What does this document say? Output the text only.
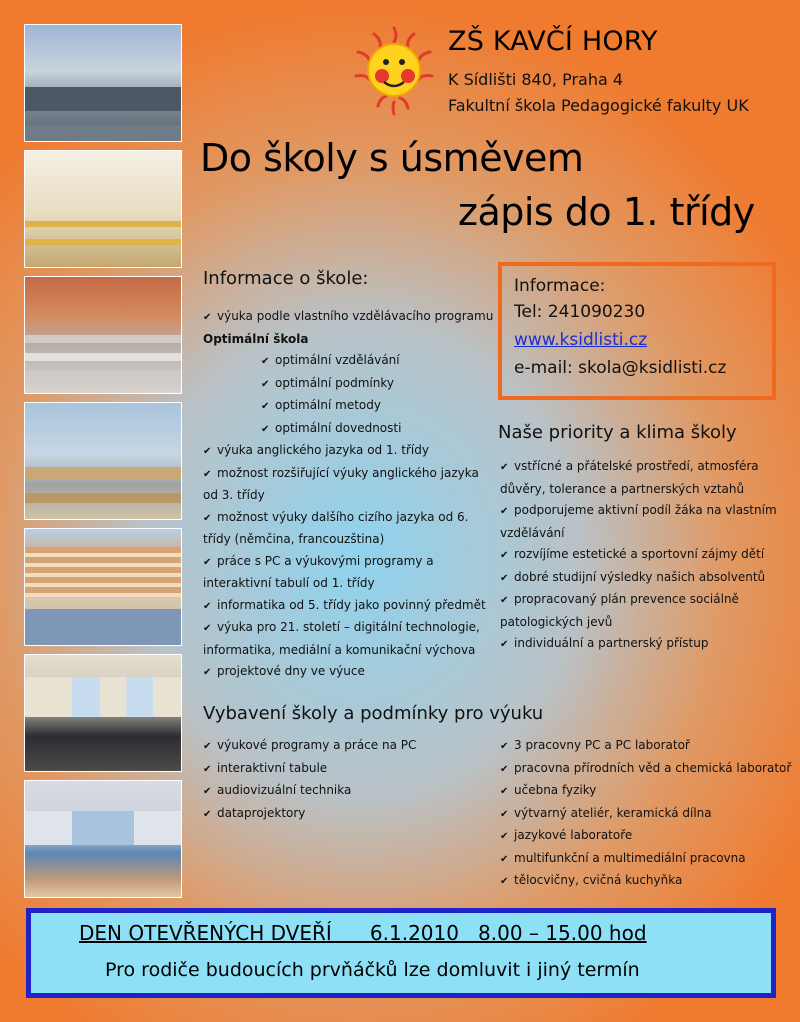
ZŠ KAVČÍ HORY
K Sídlišti 840, Praha 4
Fakultní škola Pedagogické fakulty UK
Do školy s úsměvem
zápis do 1. třídy
Informace o škole:
✔ výuka podle vlastního vzdělávacího programu
Optimální škola
✔ optimální vzdělávání
✔ optimální podmínky
✔ optimální metody
✔ optimální dovednosti
✔ výuka anglického jazyka od 1. třídy
✔ možnost rozšiřující výuky anglického jazyka
od 3. třídy
✔ možnost výuky dalšího cizího jazyka od 6.
třídy (němčina, francouzština)
✔ práce s PC a výukovými programy a
interaktivní tabulí od 1. třídy
✔ informatika od 5. třídy jako povinný předmět
✔ výuka pro 21. století – digitální technologie,
informatika, mediální a komunikační výchova
✔ projektové dny ve výuce
Informace:
Tel: 241090230
www.ksidlisti.cz
e-mail: skola@ksidlisti.cz
Naše priority a klima školy
✔ vstřícné a přátelské prostředí, atmosféra
důvěry, tolerance a partnerských vztahů
✔ podporujeme aktivní podíl žáka na vlastním
vzdělávání
✔ rozvíjíme estetické a sportovní zájmy dětí
✔ dobré studijní výsledky našich absolventů
✔ propracovaný plán prevence sociálně
patologických jevů
✔ individuální a partnerský přístup
Vybavení školy a podmínky pro výuku
✔ výukové programy a práce na PC
✔ interaktivní tabule
✔ audiovizuální technika
✔ dataprojektory
✔ 3 pracovny PC a PC laboratoř
✔ pracovna přírodních věd a chemická laboratoř
✔ učebna fyziky
✔ výtvarný ateliér, keramická dílna
✔ jazykové laboratoře
✔ multifunkční a multimediální pracovna
✔ tělocvičny, cvičná kuchyňka
DEN OTEVŘENÝCH DVEŘÍ      6.1.2010   8.00 – 15.00 hod
Pro rodiče budoucích prvňáčků lze domluvit i jiný termín
